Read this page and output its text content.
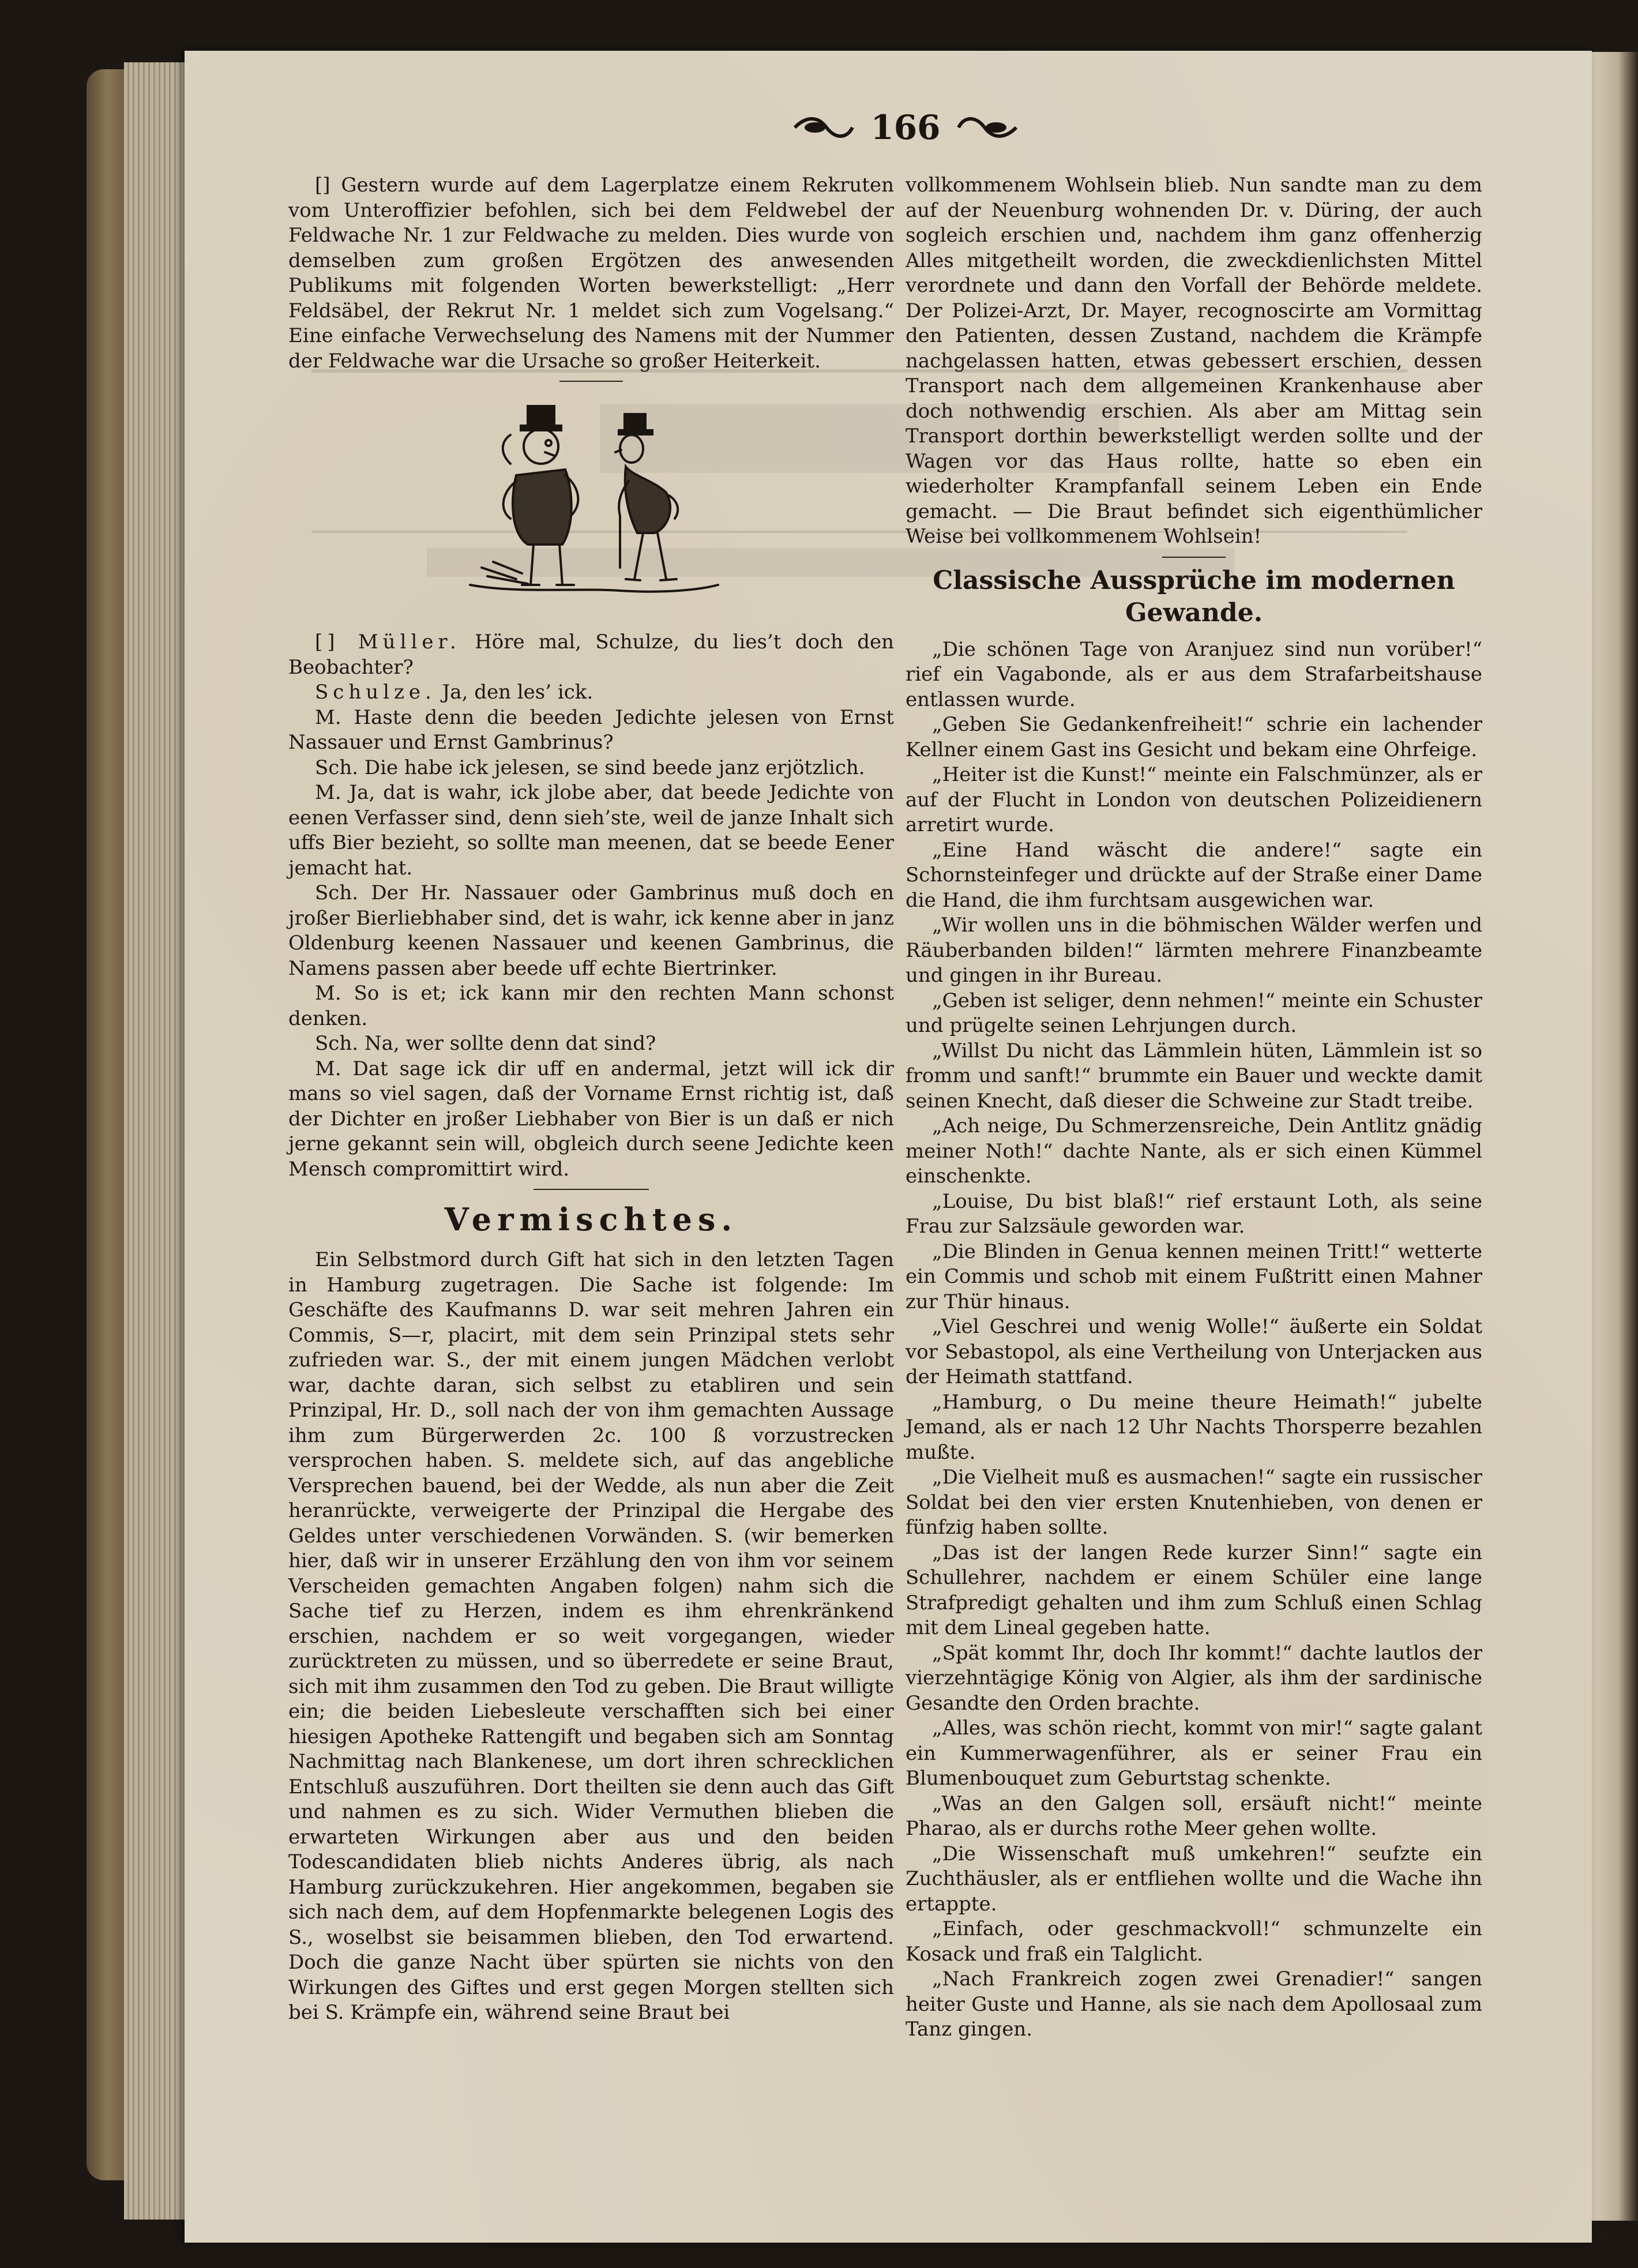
166

[] Gestern wurde auf dem Lagerplatze einem Rekruten vom Unteroffizier befohlen, sich bei dem Feldwebel der Feldwache Nr. 1 zur Feldwache zu melden. Dies wurde von demselben zum großen Ergötzen des anwesenden Publikums mit folgenden Worten bewerkstelligt: „Herr Feldsäbel, der Rekrut Nr. 1 meldet sich zum Vogelsang.“ Eine einfache Verwechselung des Namens mit der Nummer der Feldwache war die Ursache so großer Heiterkeit.

[] Müller. Höre mal, Schulze, du lies’t doch den Beobachter?

Schulze. Ja, den les’ ick.

M. Haste denn die beeden Jedichte jelesen von Ernst Nassauer und Ernst Gambrinus?

Sch. Die habe ick jelesen, se sind beede janz erjötzlich.

M. Ja, dat is wahr, ick jlobe aber, dat beede Jedichte von eenen Verfasser sind, denn sieh’ste, weil de janze Inhalt sich uffs Bier bezieht, so sollte man meenen, dat se beede Eener jemacht hat.

Sch. Der Hr. Nassauer oder Gambrinus muß doch en jroßer Bierliebhaber sind, det is wahr, ick kenne aber in janz Oldenburg keenen Nassauer und keenen Gambrinus, die Namens passen aber beede uff echte Biertrinker.

M. So is et; ick kann mir den rechten Mann schonst denken.

Sch. Na, wer sollte denn dat sind?

M. Dat sage ick dir uff en andermal, jetzt will ick dir mans so viel sagen, daß der Vorname Ernst richtig ist, daß der Dichter en jroßer Liebhaber von Bier is un daß er nich jerne gekannt sein will, obgleich durch seene Jedichte keen Mensch compromittirt wird.

Vermischtes.

Ein Selbstmord durch Gift hat sich in den letzten Tagen in Hamburg zugetragen. Die Sache ist folgende: Im Geschäfte des Kaufmanns D. war seit mehren Jahren ein Commis, S—r, placirt, mit dem sein Prinzipal stets sehr zufrieden war. S., der mit einem jungen Mädchen verlobt war, dachte daran, sich selbst zu etabliren und sein Prinzipal, Hr. D., soll nach der von ihm gemachten Aussage ihm zum Bürgerwerden 2c. 100 ß vorzustrecken versprochen haben. S. meldete sich, auf das angebliche Versprechen bauend, bei der Wedde, als nun aber die Zeit heranrückte, verweigerte der Prinzipal die Hergabe des Geldes unter verschiedenen Vorwänden. S. (wir bemerken hier, daß wir in unserer Erzählung den von ihm vor seinem Verscheiden gemachten Angaben folgen) nahm sich die Sache tief zu Herzen, indem es ihm ehrenkränkend erschien, nachdem er so weit vorgegangen, wieder zurücktreten zu müssen, und so überredete er seine Braut, sich mit ihm zusammen den Tod zu geben. Die Braut willigte ein; die beiden Liebesleute verschafften sich bei einer hiesigen Apotheke Rattengift und begaben sich am Sonntag Nachmittag nach Blankenese, um dort ihren schrecklichen Entschluß auszuführen. Dort theilten sie denn auch das Gift und nahmen es zu sich. Wider Vermuthen blieben die erwarteten Wirkungen aber aus und den beiden Todescandidaten blieb nichts Anderes übrig, als nach Hamburg zurückzukehren. Hier angekommen, begaben sie sich nach dem, auf dem Hopfenmarkte belegenen Logis des S., woselbst sie beisammen blieben, den Tod erwartend. Doch die ganze Nacht über spürten sie nichts von den Wirkungen des Giftes und erst gegen Morgen stellten sich bei S. Krämpfe ein, während seine Braut bei

vollkommenem Wohlsein blieb. Nun sandte man zu dem auf der Neuenburg wohnenden Dr. v. Düring, der auch sogleich erschien und, nachdem ihm ganz offenherzig Alles mitgetheilt worden, die zweckdienlichsten Mittel verordnete und dann den Vorfall der Behörde meldete. Der Polizei-Arzt, Dr. Mayer, recognoscirte am Vormittag den Patienten, dessen Zustand, nachdem die Krämpfe nachgelassen hatten, etwas gebessert erschien, dessen Transport nach dem allgemeinen Krankenhause aber doch nothwendig erschien. Als aber am Mittag sein Transport dorthin bewerkstelligt werden sollte und der Wagen vor das Haus rollte, hatte so eben ein wiederholter Krampfanfall seinem Leben ein Ende gemacht. — Die Braut befindet sich eigenthümlicher Weise bei vollkommenem Wohlsein!

Classische Aussprüche im modernen Gewande.

„Die schönen Tage von Aranjuez sind nun vorüber!“ rief ein Vagabonde, als er aus dem Strafarbeitshause entlassen wurde.

„Geben Sie Gedankenfreiheit!“ schrie ein lachender Kellner einem Gast ins Gesicht und bekam eine Ohrfeige.

„Heiter ist die Kunst!“ meinte ein Falschmünzer, als er auf der Flucht in London von deutschen Polizeidienern arretirt wurde.

„Eine Hand wäscht die andere!“ sagte ein Schornsteinfeger und drückte auf der Straße einer Dame die Hand, die ihm furchtsam ausgewichen war.

„Wir wollen uns in die böhmischen Wälder werfen und Räuberbanden bilden!“ lärmten mehrere Finanzbeamte und gingen in ihr Bureau.

„Geben ist seliger, denn nehmen!“ meinte ein Schuster und prügelte seinen Lehrjungen durch.

„Willst Du nicht das Lämmlein hüten, Lämmlein ist so fromm und sanft!“ brummte ein Bauer und weckte damit seinen Knecht, daß dieser die Schweine zur Stadt treibe.

„Ach neige, Du Schmerzensreiche, Dein Antlitz gnädig meiner Noth!“ dachte Nante, als er sich einen Kümmel einschenkte.

„Louise, Du bist blaß!“ rief erstaunt Loth, als seine Frau zur Salzsäule geworden war.

„Die Blinden in Genua kennen meinen Tritt!“ wetterte ein Commis und schob mit einem Fußtritt einen Mahner zur Thür hinaus.

„Viel Geschrei und wenig Wolle!“ äußerte ein Soldat vor Sebastopol, als eine Vertheilung von Unterjacken aus der Heimath stattfand.

„Hamburg, o Du meine theure Heimath!“ jubelte Jemand, als er nach 12 Uhr Nachts Thorsperre bezahlen mußte.

„Die Vielheit muß es ausmachen!“ sagte ein russischer Soldat bei den vier ersten Knutenhieben, von denen er fünfzig haben sollte.

„Das ist der langen Rede kurzer Sinn!“ sagte ein Schullehrer, nachdem er einem Schüler eine lange Strafpredigt gehalten und ihm zum Schluß einen Schlag mit dem Lineal gegeben hatte.

„Spät kommt Ihr, doch Ihr kommt!“ dachte lautlos der vierzehntägige König von Algier, als ihm der sardinische Gesandte den Orden brachte.

„Alles, was schön riecht, kommt von mir!“ sagte galant ein Kummerwagenführer, als er seiner Frau ein Blumenbouquet zum Geburtstag schenkte.

„Was an den Galgen soll, ersäuft nicht!“ meinte Pharao, als er durchs rothe Meer gehen wollte.

„Die Wissenschaft muß umkehren!“ seufzte ein Zuchthäusler, als er entfliehen wollte und die Wache ihn ertappte.

„Einfach, oder geschmackvoll!“ schmunzelte ein Kosack und fraß ein Talglicht.

„Nach Frankreich zogen zwei Grenadier!“ sangen heiter Guste und Hanne, als sie nach dem Apollosaal zum Tanz gingen.
